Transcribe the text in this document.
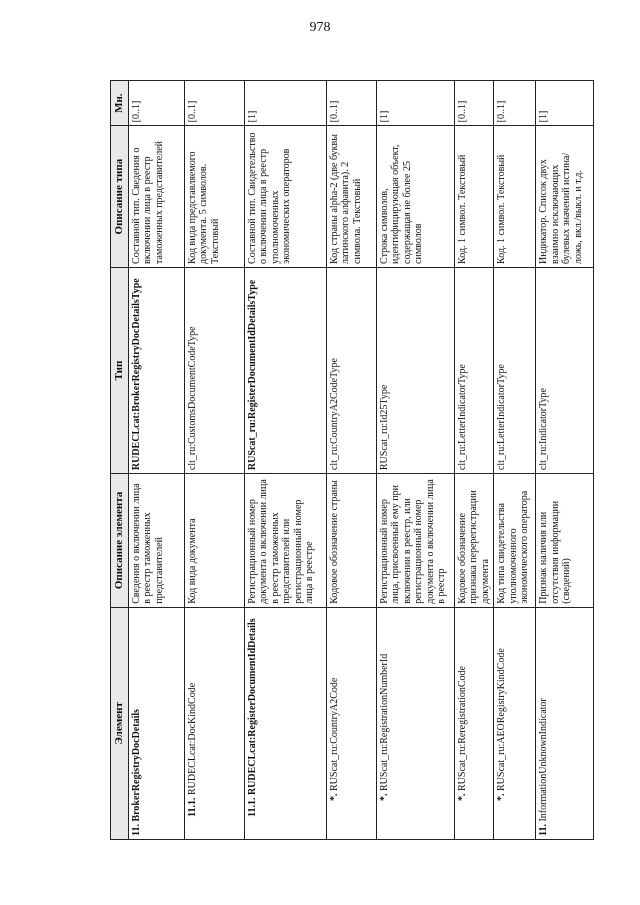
978
Элемент	Описание элемента	Тип	Описание типа	Мн.
11. BrokerRegistryDocDetails	Сведения о включении лица в реестр таможенных представителей	RUDECLcat:BrokerRegistryDocDetailsType	Составной тип. Сведения о включении лица в реестр таможенных представителей	[0..1]
11.1. RUDECLcat:DocKindCode	Код вида документа	clt_ru:CustomsDocumentCodeType	Код вида представляемого документа. 5 символов. Текстовый	[0..1]
11.1. RUDECLcat:RegisterDocumentIdDetails	Регистрационный номер документа о включении лица в реестр таможенных представителей или регистрационный номер лица в реестре	RUScat_ru:RegisterDocumentIdDetailsType	Составной тип. Свидетельство о включении лица в реестр уполномоченных экономических операторов	[1]
*. RUScat_ru:CountryA2Code	Кодовое обозначение страны	clt_ru:CountryA2CodeType	Код страны alpha-2 (две буквы латинского алфавита). 2 символа. Текстовый	[0..1]
*. RUScat_ru:RegistrationNumberId	Регистрационный номер лица, присвоенный ему при включении в реестр, или регистрационный номер документа о включении лица в реестр	RUScat_ru:Id25Type	Строка символов, идентифицирующая объект, содержащая не более 25 символов	[1]
*. RUScat_ru:ReregistrationCode	Кодовое обозначение признака перерегистрации документа	clt_ru:LetterIndicatorType	Код. 1 символ. Текстовый	[0..1]
*. RUScat_ru:AEORegistryKindCode	Код типа свидетельства уполномоченного экономического оператора	clt_ru:LetterIndicatorType	Код. 1 символ. Текстовый	[0..1]
11. InformationUnknownIndicator	Признак наличия или отсутствия информации (сведений)	clt_ru:IndicatorType	Индикатор. Список двух взаимно исключающих булевых значений истина/ложь, вкл./выкл. и т.д.	[1]
